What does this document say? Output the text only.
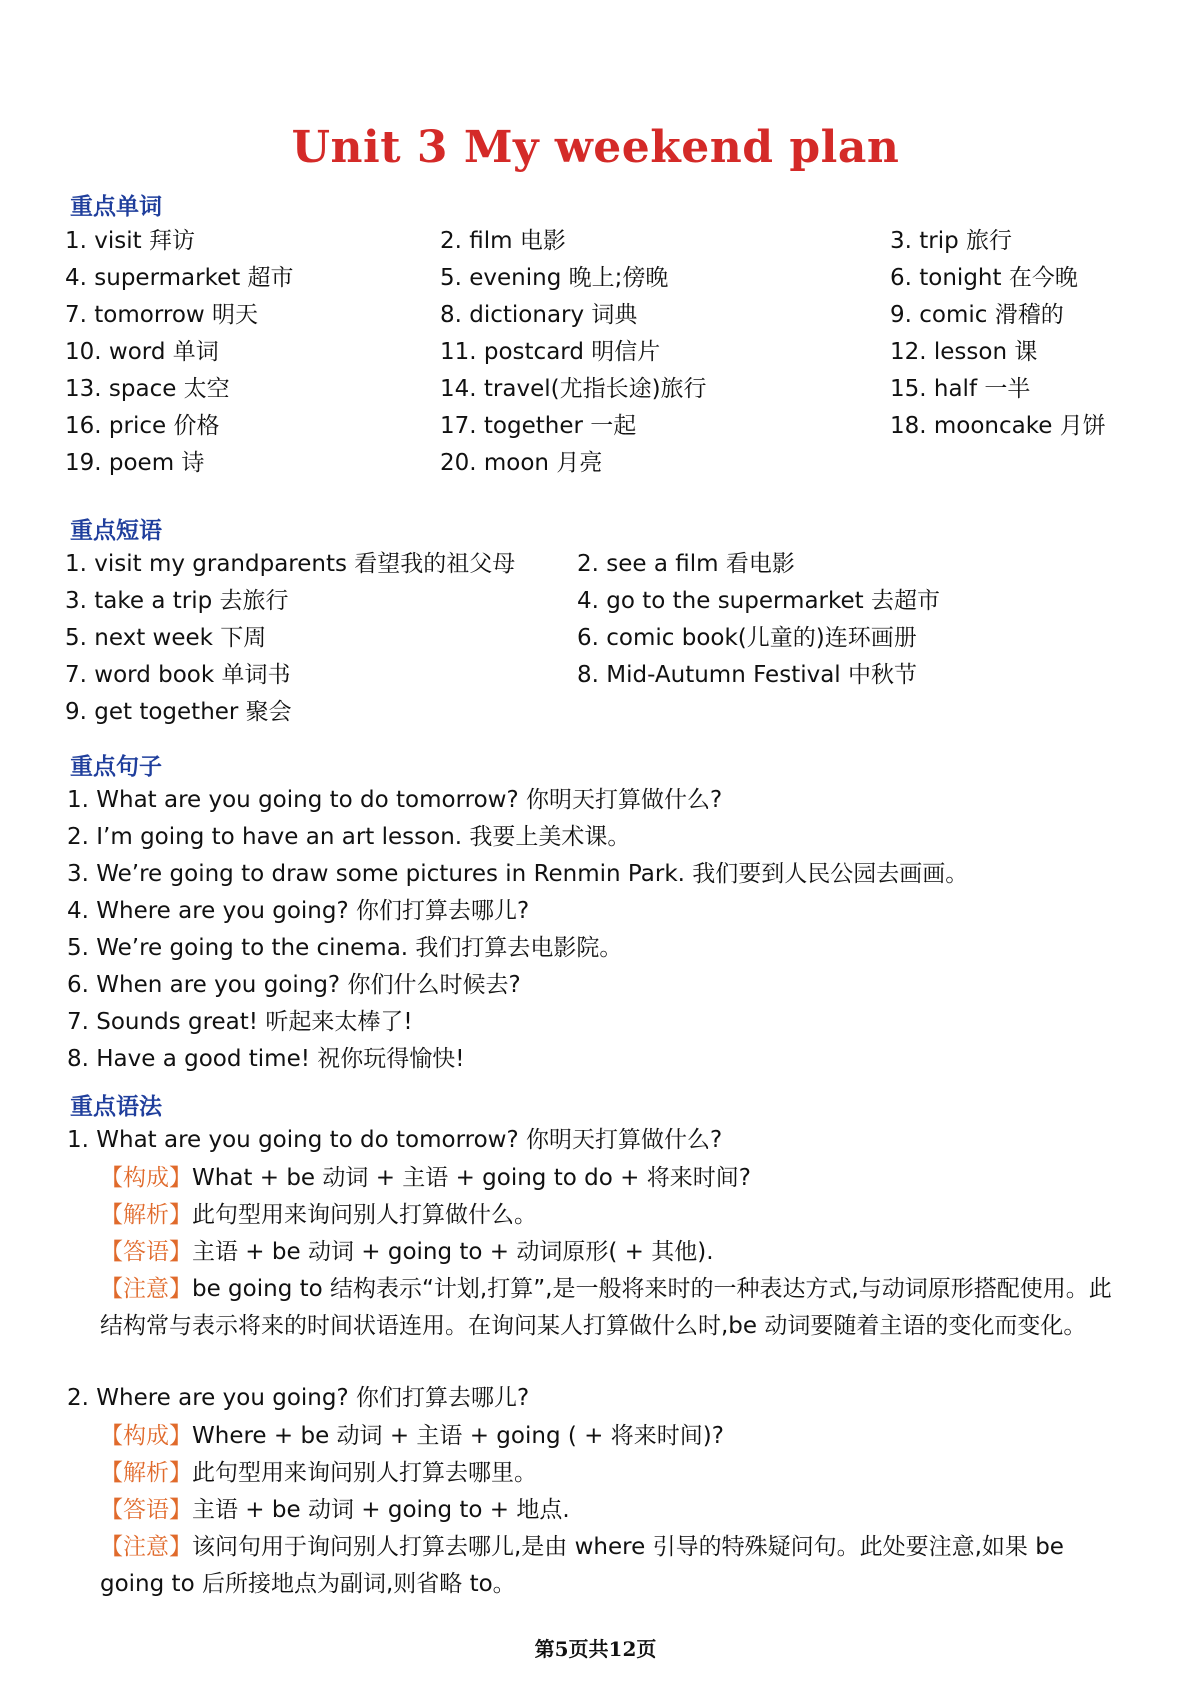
Unit 3 My weekend plan
重点单词
1. visit 拜访	2. film 电影	3. trip 旅行
4. supermarket 超市	5. evening 晚上;傍晚	6. tonight 在今晚
7. tomorrow 明天	8. dictionary 词典	9. comic 滑稽的
10. word 单词	11. postcard 明信片	12. lesson 课
13. space 太空	14. travel(尤指长途)旅行	15. half 一半
16. price 价格	17. together 一起	18. mooncake 月饼
19. poem 诗	20. moon 月亮
重点短语
1. visit my grandparents 看望我的祖父母	2. see a film 看电影
3. take a trip 去旅行	4. go to the supermarket 去超市
5. next week 下周	6. comic book(儿童的)连环画册
7. word book 单词书	8. Mid-Autumn Festival 中秋节
9. get together 聚会
重点句子
1. What are you going to do tomorrow? 你明天打算做什么?
2. I’m going to have an art lesson. 我要上美术课。
3. We’re going to draw some pictures in Renmin Park. 我们要到人民公园去画画。
4. Where are you going? 你们打算去哪儿?
5. We’re going to the cinema. 我们打算去电影院。
6. When are you going? 你们什么时候去?
7. Sounds great! 听起来太棒了!
8. Have a good time! 祝你玩得愉快!
重点语法
1. What are you going to do tomorrow? 你明天打算做什么?
【构成】What + be 动词 + 主语 + going to do + 将来时间?
【解析】此句型用来询问别人打算做什么。
【答语】主语 + be 动词 + going to + 动词原形( + 其他).
【注意】be going to 结构表示“计划,打算”,是一般将来时的一种表达方式,与动词原形搭配使用。此结构常与表示将来的时间状语连用。在询问某人打算做什么时,be 动词要随着主语的变化而变化。
2. Where are you going? 你们打算去哪儿?
【构成】Where + be 动词 + 主语 + going ( + 将来时间)?
【解析】此句型用来询问别人打算去哪里。
【答语】主语 + be 动词 + going to + 地点.
【注意】该问句用于询问别人打算去哪儿,是由 where 引导的特殊疑问句。此处要注意,如果 be going to 后所接地点为副词,则省略 to。
第5页共12页
